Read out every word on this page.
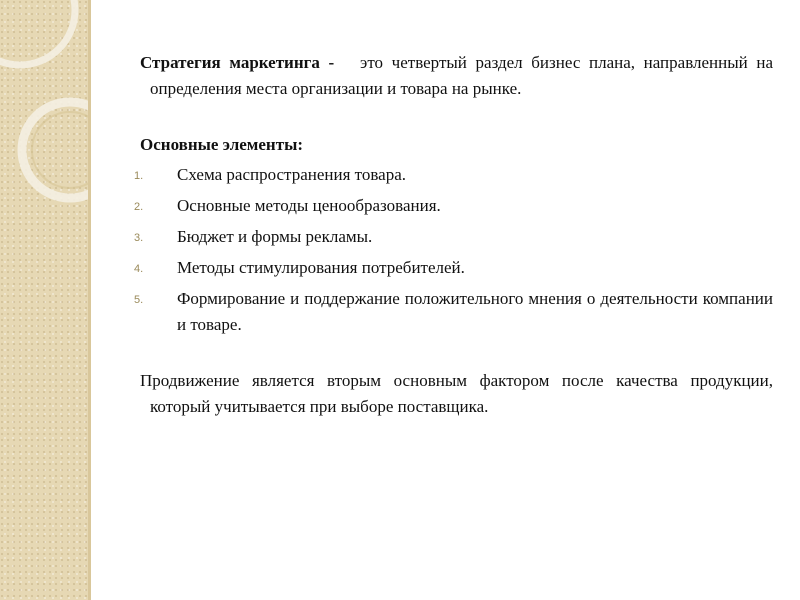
Стратегия маркетинга - это четвертый раздел бизнес плана, направленный на определения места организации и товара на рынке.

Основные элементы:
1. Схема распространения товара.
2. Основные методы ценообразования.
3. Бюджет и формы рекламы.
4. Методы стимулирования потребителей.
5. Формирование и поддержание положительного мнения о деятельности компании и товаре.

Продвижение является вторым основным фактором после качества продукции, который учитывается при выборе поставщика.
